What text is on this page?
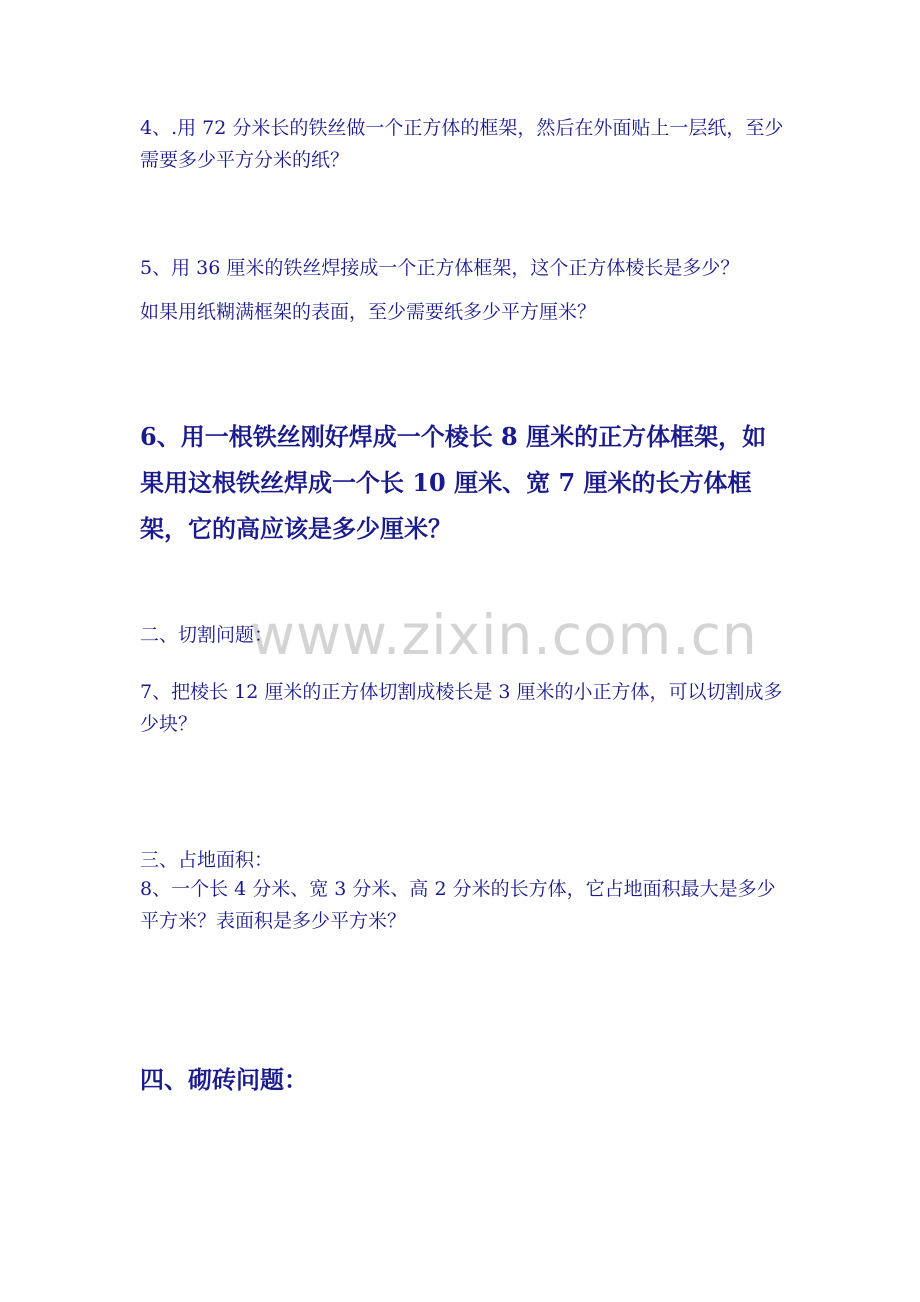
www.zixin.com.cn

4、.用 72 分米长的铁丝做一个正方体的框架，然后在外面贴上一层纸，至少需要多少平方分米的纸？

5、用 36 厘米的铁丝焊接成一个正方体框架，这个正方体棱长是多少？
如果用纸糊满框架的表面，至少需要纸多少平方厘米？

6、用一根铁丝刚好焊成一个棱长 8 厘米的正方体框架，如果用这根铁丝焊成一个长 10 厘米、宽 7 厘米的长方体框架，它的高应该是多少厘米？

二、切割问题：

7、把棱长 12 厘米的正方体切割成棱长是 3 厘米的小正方体，可以切割成多少块？

三、占地面积：

8、一个长 4 分米、宽 3 分米、高 2 分米的长方体，它占地面积最大是多少平方米？表面积是多少平方米？

四、砌砖问题：
